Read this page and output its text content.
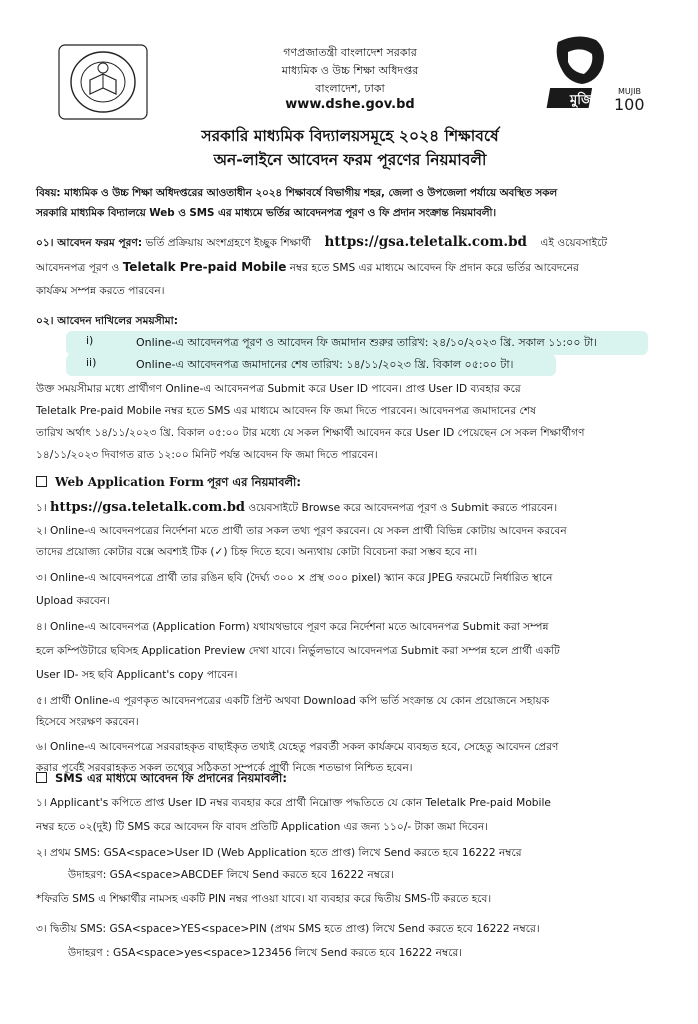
মুজিব
MUJIB
100
গণপ্রজাতন্ত্রী বাংলাদেশ সরকার
মাধ্যমিক ও উচ্চ শিক্ষা অধিদপ্তর
বাংলাদেশ, ঢাকা
www.dshe.gov.bd
সরকারি মাধ্যমিক বিদ্যালয়সমূহে ২০২৪ শিক্ষাবর্ষে
অন-লাইনে আবেদন ফরম পূরণের নিয়মাবলী
বিষয়: মাধ্যমিক ও উচ্চ শিক্ষা অধিদপ্তরের আওতাধীন ২০২৪ শিক্ষাবর্ষে বিভাগীয় শহর, জেলা ও উপজেলা পর্যায়ে অবস্থিত সকল
সরকারি মাধ্যমিক বিদ্যালয়ে Web ও SMS এর মাধ্যমে ভর্তির আবেদনপত্র পূরণ ও ফি প্রদান সংক্রান্ত নিয়মাবলী।
০১। আবেদন ফরম পূরণ: ভর্তি প্রক্রিয়ায় অংশগ্রহণে ইচ্ছুক শিক্ষার্থী https://gsa.teletalk.com.bd এই ওয়েবসাইটে
আবেদনপত্র পূরণ ও Teletalk Pre-paid Mobile নম্বর হতে SMS এর মাধ্যমে আবেদন ফি প্রদান করে ভর্তির আবেদনের
কার্যক্রম সম্পন্ন করতে পারবেন।
০২। আবেদন দাখিলের সময়সীমা:
i)	Online-এ আবেদনপত্র পূরণ ও আবেদন ফি জমাদান শুরুর তারিখ: ২৪/১০/২০২৩ খ্রি. সকাল ১১:০০ টা।
ii)	Online-এ আবেদনপত্র জমাদানের শেষ তারিখ: ১৪/১১/২০২৩ খ্রি. বিকাল ০৫:০০ টা।
উক্ত সময়সীমার মধ্যে প্রার্থীগণ Online-এ আবেদনপত্র Submit করে User ID পাবেন। প্রাপ্ত User ID ব্যবহার করে
Teletalk Pre-paid Mobile নম্বর হতে SMS এর মাধ্যমে আবেদন ফি জমা দিতে পারবেন। আবেদনপত্র জমাদানের শেষ
তারিখ অর্থাৎ ১৪/১১/২০২৩ খ্রি. বিকাল ০৫:০০ টার মধ্যে যে সকল শিক্ষার্থী আবেদন করে User ID পেয়েছেন সে সকল শিক্ষার্থীগণ
১৪/১১/২০২৩ দিবাগত রাত ১২:০০ মিনিট পর্যন্ত আবেদন ফি জমা দিতে পারবেন।
Web Application Form পূরণ এর নিয়মাবলী:
১। https://gsa.teletalk.com.bd ওয়েবসাইটে Browse করে আবেদনপত্র পূরণ ও Submit করতে পারবেন।
২। Online-এ আবেদনপত্রের নির্দেশনা মতে প্রার্থী তার সকল তথ্য পূরণ করবেন। যে সকল প্রার্থী বিভিন্ন কোটায় আবেদন করবেন
তাদের প্রয়োজ্য কোটার বক্সে অবশ্যই টিক (✓) চিহ্ন দিতে হবে। অন্যথায় কোটা বিবেচনা করা সম্ভব হবে না।
৩। Online-এ আবেদনপত্রে প্রার্থী তার রঙিন ছবি (দৈর্ঘ্য ৩০০ × প্রস্থ ৩০০ pixel) স্ক্যান করে JPEG ফরমেটে নির্ধারিত স্থানে
Upload করবেন।
৪। Online-এ আবেদনপত্র (Application Form) যথাযথভাবে পূরণ করে নির্দেশনা মতে আবেদনপত্র Submit করা সম্পন্ন
হলে কম্পিউটারে ছবিসহ Application Preview দেখা যাবে। নির্ভুলভাবে আবেদনপত্র Submit করা সম্পন্ন হলে প্রার্থী একটি
User ID- সহ ছবি Applicant's copy পাবেন।
৫। প্রার্থী Online-এ পূরণকৃত আবেদনপত্রের একটি প্রিন্ট অথবা Download কপি ভর্তি সংক্রান্ত যে কোন প্রয়োজনে সহায়ক
হিসেবে সংরক্ষণ করবেন।
৬। Online-এ আবেদনপত্রে সরবরাহকৃত বাছাইকৃত তথ্যই যেহেতু পরবর্তী সকল কার্যক্রমে ব্যবহৃত হবে, সেহেতু আবেদন প্রেরণ
করার পূর্বেই সরবরাহকৃত সকল তথ্যের সঠিকতা সম্পর্কে প্রার্থী নিজে শতভাগ নিশ্চিত হবেন।
SMS এর মাধ্যমে আবেদন ফি প্রদানের নিয়মাবলী:
১। Applicant's কপিতে প্রাপ্ত User ID নম্বর ব্যবহার করে প্রার্থী নিম্নোক্ত পদ্ধতিতে যে কোন Teletalk Pre-paid Mobile
নম্বর হতে ০২(দুই) টি SMS করে আবেদন ফি বাবদ প্রতিটি Application এর জন্য ১১০/- টাকা জমা দিবেন।
২। প্রথম SMS: GSA<space>User ID (Web Application হতে প্রাপ্ত) লিখে Send করতে হবে 16222 নম্বরে
উদাহরণ: GSA<space>ABCDEF লিখে Send করতে হবে 16222 নম্বরে।
*ফিরতি SMS এ শিক্ষার্থীর নামসহ একটি PIN নম্বর পাওয়া যাবে। যা ব্যবহার করে দ্বিতীয় SMS-টি করতে হবে।
৩। দ্বিতীয় SMS: GSA<space>YES<space>PIN (প্রথম SMS হতে প্রাপ্ত) লিখে Send করতে হবে 16222 নম্বরে।
উদাহরণ : GSA<space>yes<space>123456 লিখে Send করতে হবে 16222 নম্বরে।
